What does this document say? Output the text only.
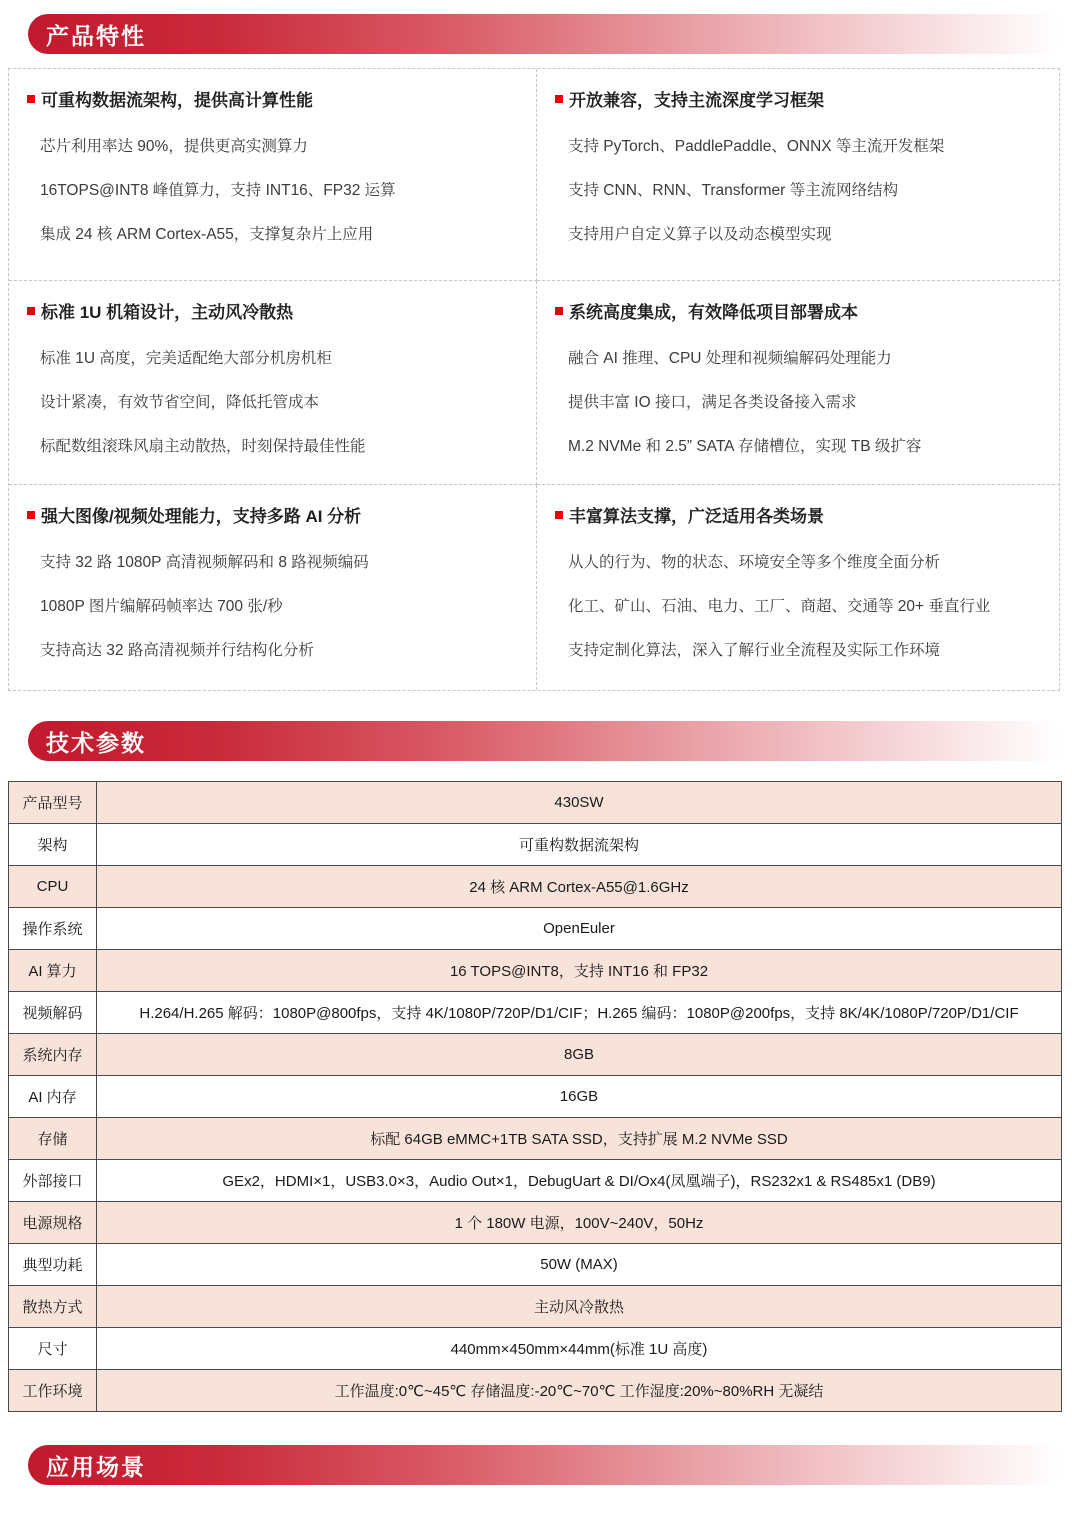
产品特性
可重构数据流架构，提供高计算性能

芯片利用率达 90%，提供更高实测算力

16TOPS@INT8 峰值算力，支持 INT16、FP32 运算

集成 24 核 ARM Cortex-A55，支撑复杂片上应用

开放兼容，支持主流深度学习框架

支持 PyTorch、PaddlePaddle、ONNX 等主流开发框架

支持 CNN、RNN、Transformer 等主流网络结构

支持用户自定义算子以及动态模型实现

标准 1U 机箱设计，主动风冷散热

标准 1U 高度，完美适配绝大部分机房机柜

设计紧凑，有效节省空间，降低托管成本

标配数组滚珠风扇主动散热，时刻保持最佳性能

系统高度集成，有效降低项目部署成本

融合 AI 推理、CPU 处理和视频编解码处理能力

提供丰富 IO 接口，满足各类设备接入需求

M.2 NVMe 和 2.5” SATA 存储槽位，实现 TB 级扩容

强大图像/视频处理能力，支持多路 AI 分析

支持 32 路 1080P 高清视频解码和 8 路视频编码

1080P 图片编解码帧率达 700 张/秒

支持高达 32 路高清视频并行结构化分析

丰富算法支撑，广泛适用各类场景

从人的行为、物的状态、环境安全等多个维度全面分析

化工、矿山、石油、电力、工厂、商超、交通等 20+ 垂直行业

支持定制化算法，深入了解行业全流程及实际工作环境

技术参数
产品型号	430SW
架构	可重构数据流架构
CPU	24 核 ARM Cortex-A55@1.6GHz
操作系统	OpenEuler
AI 算力	16 TOPS@INT8，支持 INT16 和 FP32
视频解码	H.264/H.265 解码：1080P@800fps，支持 4K/1080P/720P/D1/CIF；H.265 编码：1080P@200fps，支持 8K/4K/1080P/720P/D1/CIF
系统内存	8GB
AI 内存	16GB
存储	标配 64GB eMMC+1TB SATA SSD，支持扩展 M.2 NVMe SSD
外部接口	GEx2，HDMI×1，USB3.0×3，Audio Out×1，DebugUart & DI/Ox4(凤凰端子)，RS232x1 & RS485x1 (DB9)
电源规格	1 个 180W 电源，100V~240V，50Hz
典型功耗	50W (MAX)
散热方式	主动风冷散热
尺寸	440mm×450mm×44mm(标准 1U 高度)
工作环境	工作温度:0℃~45℃ 存储温度:-20℃~70℃ 工作湿度:20%~80%RH 无凝结
应用场景
